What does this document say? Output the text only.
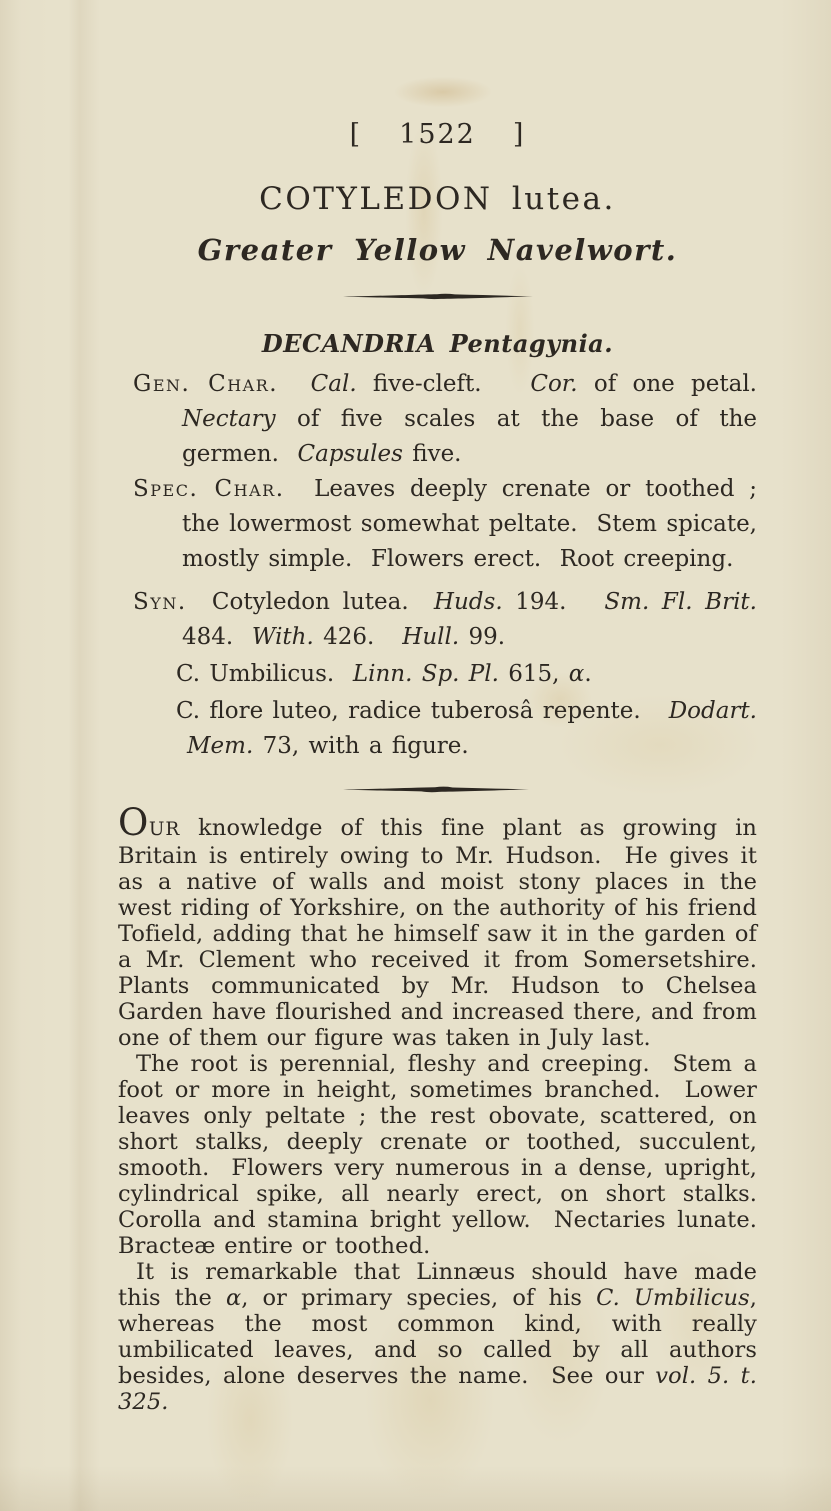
[ 1522 ]
COTYLEDON lutea.
Greater Yellow Navelwort.
DECANDRIA Pentagynia.
Gen. Char. Cal. five-cleft.   Cor. of one petal.  Nectary of five scales at the base of the germen.  Capsules five.
Spec. Char.  Leaves deeply crenate or toothed ; the lowermost somewhat peltate.  Stem spicate, mostly simple.  Flowers erect.  Root creeping.
Syn.  Cotyledon lutea.  Huds. 194.   Sm. Fl. Brit. 484.  With. 426.   Hull. 99.
C. Umbilicus.  Linn. Sp. Pl. 615, α.
C. flore luteo, radice tuberosâ repente.   Dodart. Mem. 73, with a figure.

OUR knowledge of this fine plant as growing in Britain is entirely owing to Mr. Hudson.  He gives it as a native of walls and moist stony places in the west riding of Yorkshire, on the authority of his friend Tofield, adding that he himself saw it in the garden of a Mr. Clement who received it from Somersetshire.  Plants communicated by Mr. Hudson to Chelsea Garden have flourished and increased there, and from one of them our figure was taken in July last.

The root is perennial, fleshy and creeping.  Stem a foot or more in height, sometimes branched.  Lower leaves only peltate ; the rest obovate, scattered, on short stalks, deeply crenate or toothed, succulent, smooth.  Flowers very numerous in a dense, upright, cylindrical spike, all nearly erect, on short stalks.  Corolla and stamina bright yellow.  Nectaries lunate.  Bracteæ entire or toothed.

It is remarkable that Linnæus should have made this the α, or primary species, of his C. Umbilicus, whereas the most common kind, with really umbilicated leaves, and so called by all authors besides, alone deserves the name.  See our vol. 5. t. 325.
